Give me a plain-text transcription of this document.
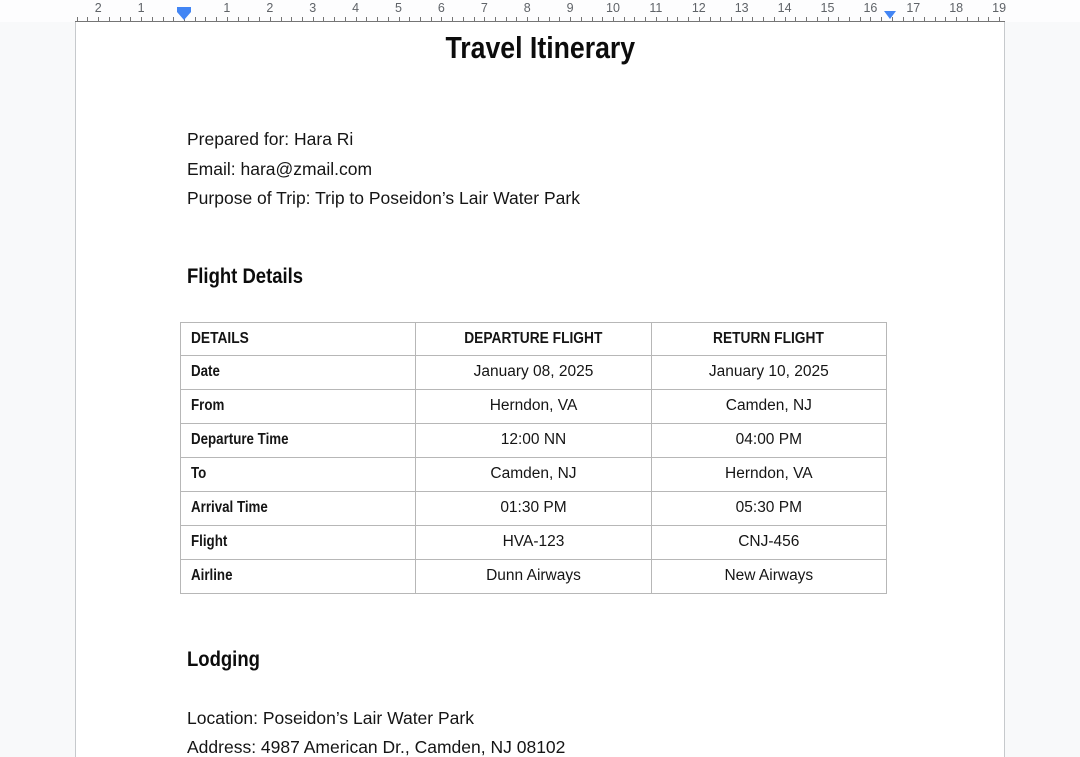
2	1	1	2	3	4	5	6	7	8	9	10 11 12 13 14 15 16 17 18 19
Travel Itinerary

Prepared for: Hara Ri

Email: hara@zmail.com

Purpose of Trip: Trip to Poseidon’s Lair Water Park

Flight Details
DETAILS	DEPARTURE FLIGHT	RETURN FLIGHT
Date	January 08, 2025	January 10, 2025
From	Herndon, VA	Camden, NJ
Departure Time	12:00 NN	04:00 PM
To	Camden, NJ	Herndon, VA
Arrival Time	01:30 PM	05:30 PM
Flight	HVA-123	CNJ-456
Airline	Dunn Airways	New Airways
Lodging

Location: Poseidon’s Lair Water Park

Address: 4987 American Dr., Camden, NJ 08102
